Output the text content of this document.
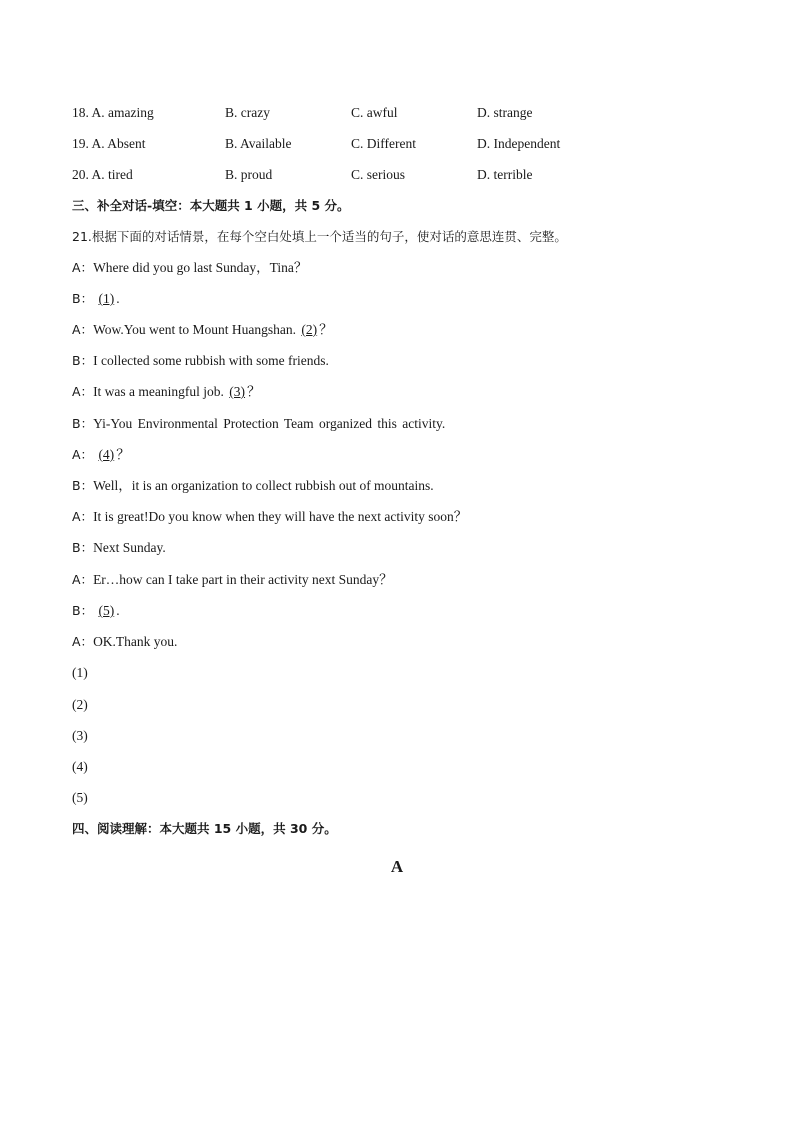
18. A. amazing	B. crazy	C. awful	D. strange
19. A. Absent	B. Available	C. Different	D. Independent
20. A. tired	B. proud	C. serious	D. terrible
三、补全对话-填空：本大题共 1 小题，共 5 分。
21.根据下面的对话情景，在每个空白处填上一个适当的句子，使对话的意思连贯、完整。
A：Where did you go last Sunday，Tina？
B： (1) .
A：Wow.You went to Mount Huangshan. (2) ？
B：I collected some rubbish with some friends.
A：It was a meaningful job. (3) ？
B：Yi-You Environmental Protection Team organized this activity.
A： (4) ？
B：Well，it is an organization to collect rubbish out of mountains.
A：It is great!Do you know when they will have the next activity soon？
B：Next Sunday.
A：Er…how can I take part in their activity next Sunday？
B： (5) .
A：OK.Thank you.
(1)
(2)
(3)
(4)
(5)
四、阅读理解：本大题共 15 小题，共 30 分。
A
